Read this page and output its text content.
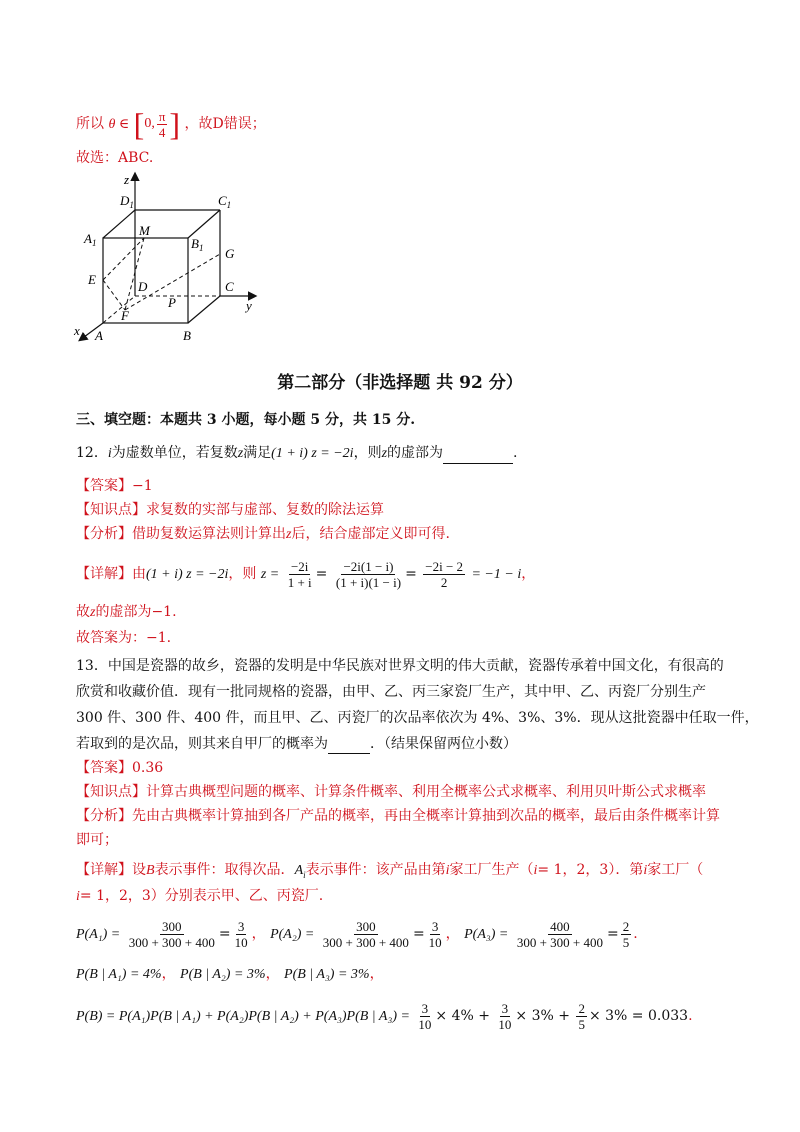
所以 θ ∈ [ 0, $\frac{\pi}{4}$ ] ，故D错误；
故选：ABC.
z
y
x A	B
C
D
$A_1$	$B_1$
$C_1$
$D_1$
M
E
F
G
P
第二部分（非选择题 共 92 分）
三、填空题：本题共 3 小题，每小题 5 分，共 15 分.
12．i为虚数单位，若复数z满足(1 + i) z = −2i，则z的虚部为	.
【答案】−1
【知识点】求复数的实部与虚部、复数的除法运算
【分析】借助复数运算法则计算出z后，结合虚部定义即可得.
【详解】由(1 + i) z = −2i，则 $z = \frac{-2i}{1 + i} = \frac{-2i(1 - i)}{(1 + i)(1 - i)} = \frac{-2i - 2}{2} = -1 - i$，
故z的虚部为−1.
故答案为：−1.
13．中国是瓷器的故乡，瓷器的发明是中华民族对世界文明的伟大贡献，瓷器传承着中国文化，有很高的
欣赏和收藏价值．现有一批同规格的瓷器，由甲、乙、丙三家瓷厂生产，其中甲、乙、丙瓷厂分别生产
300 件、300 件、400 件，而且甲、乙、丙瓷厂的次品率依次为 4%、3%、3%．现从这批瓷器中任取一件，
若取到的是次品，则其来自甲厂的概率为	．（结果保留两位小数）
【答案】0.36
【知识点】计算古典概型问题的概率、计算条件概率、利用全概率公式求概率、利用贝叶斯公式求概率
【分析】先由古典概率计算抽到各厂产品的概率，再由全概率计算抽到次品的概率，最后由条件概率计算
即可；
【详解】设B表示事件：取得次品．$A_i$表示事件：该产品由第i家工厂生产（i= 1，2，3）．第i家工厂（
i= 1，2，3）分别表示甲、乙、丙瓷厂.
$P(A_1) = \frac{300}{300 + 300 + 400} = \frac{3}{10}$ ， $P(A_2) = \frac{300}{300 + 300 + 400} = \frac{3}{10}$ ， $P(A_3) = \frac{400}{300 + 300 + 400} = \frac{2}{5}$ .
P(B | A₁) = 4%， P(B | A₂) = 3%， P(B | A₃) = 3%，
P(B) = P(A₁)P(B | A₁) + P(A₂)P(B | A₂) + P(A₃)P(B | $A_3) = \frac{3}{10} \times 4\% + \frac{3}{10} \times 3\% + \frac{2}{5} \times 3\% = 0.033$.
